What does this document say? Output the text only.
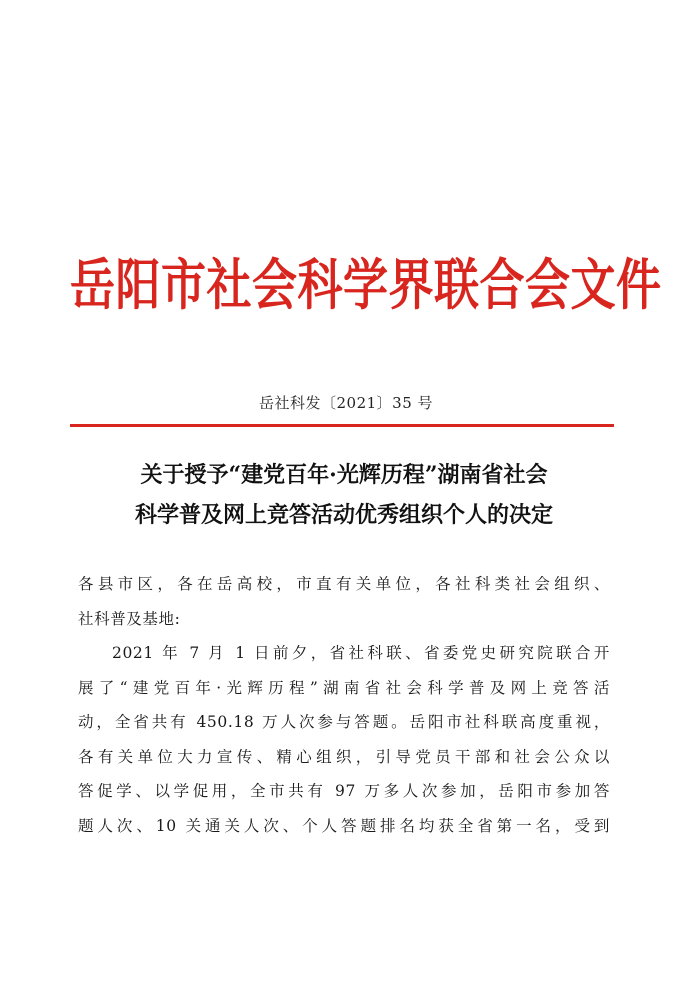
岳阳市社会科学界联合会文件
岳社科发〔2021〕35 号
关于授予“建党百年·光辉历程”湖南省社会
科学普及网上竞答活动优秀组织个人的决定
各县市区，各在岳高校，市直有关单位，各社科类社会组织、
社科普及基地:
2021 年 7 月 1 日前夕，省社科联、省委党史研究院联合开
展了“建党百年·光辉历程”湖南省社会科学普及网上竞答活
动，全省共有 450.18 万人次参与答题。岳阳市社科联高度重视，
各有关单位大力宣传、精心组织，引导党员干部和社会公众以
答促学、以学促用，全市共有 97 万多人次参加，岳阳市参加答
题人次、10 关通关人次、个人答题排名均获全省第一名，受到
